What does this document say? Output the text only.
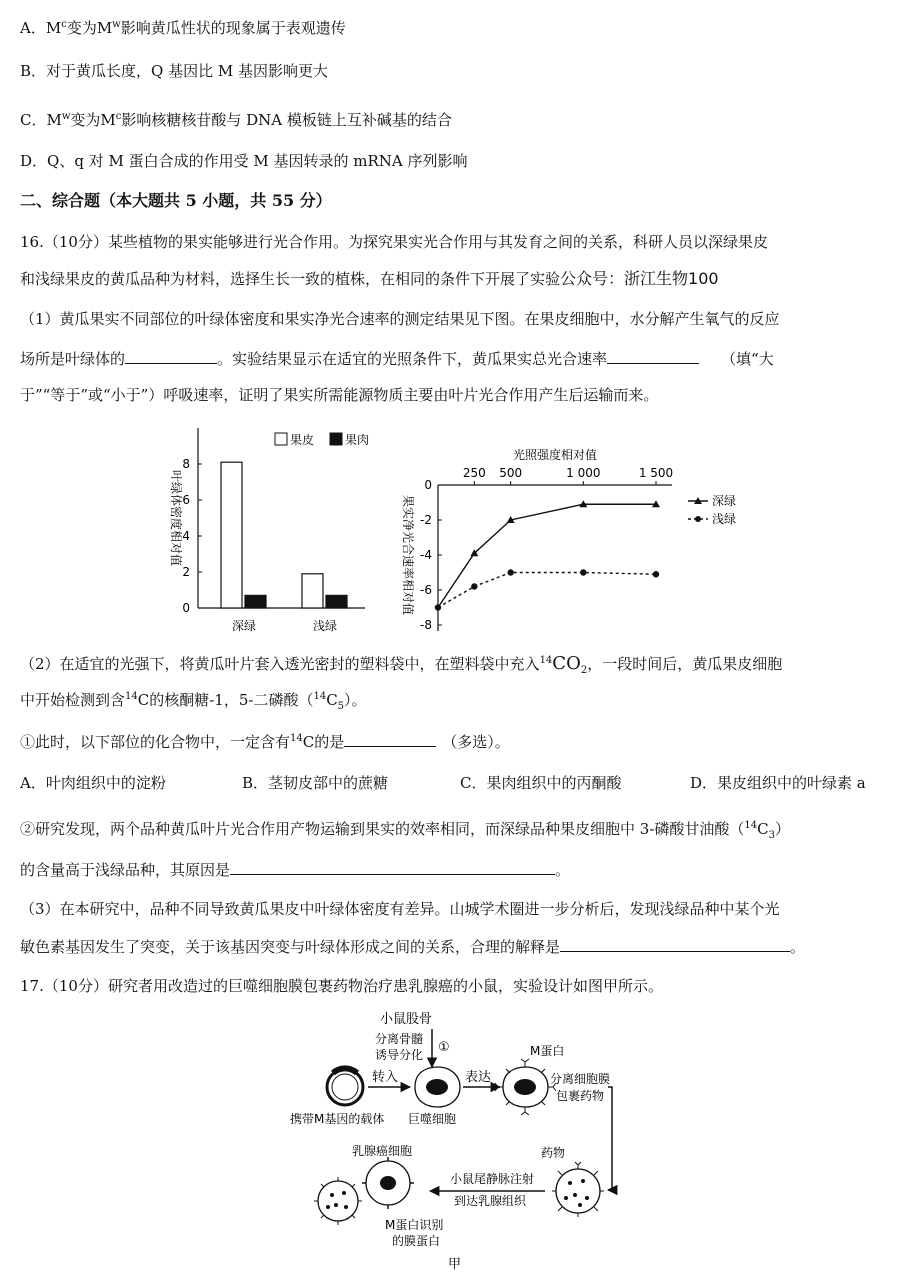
A．$M^c$变为$M^w$影响黄瓜性状的现象属于表观遗传
B．对于黄瓜长度，Q 基因比 M 基因影响更大
C．$M^w$变为$M^c$影响核糖核苷酸与 DNA 模板链上互补碱基的结合
D．Q、q 对 M 蛋白合成的作用受 M 基因转录的 mRNA 序列影响
二、综合题（本大题共 5 小题，共 55 分）
16.（10分）某些植物的果实能够进行光合作用。为探究果实光合作用与其发育之间的关系，科研人员以深绿果皮
和浅绿果皮的黄瓜品种为材料，选择生长一致的植株，在相同的条件下开展了实验公众号：浙江生物100
（1）黄瓜果实不同部位的叶绿体密度和果实净光合速率的测定结果见下图。在果皮细胞中，水分解产生氧气的反应
场所是叶绿体的	。实验结果显示在适宜的光照条件下，黄瓜果实总光合速率	（填“大
于”“等于”或“小于”）呼吸速率，证明了果实所需能源物质主要由叶片光合作用产生后运输而来。
0
2
4
6
8
叶绿体密度相对值
深绿	浅绿
果皮	果肉
光照强度相对值
250 500	1 000	1 500
0
-2
-4
-6
-8
果实净光合速率相对值	深绿
浅绿
（2）在适宜的光强下，将黄瓜叶片套入透光密封的塑料袋中，在塑料袋中充入$^{14}CO_2$，一段时间后，黄瓜果皮细胞
中开始检测到含$^{14}$C的核酮糖-1，5-二磷酸$(^{14}C_5)$。
①此时，以下部位的化合物中，一定含有$^{14}$C的是	（多选）。
A．叶肉组织中的淀粉	B．茎韧皮部中的蔗糖	C．果肉组织中的丙酮酸	D．果皮组织中的叶绿素 a
②研究发现，两个品种黄瓜叶片光合作用产物运输到果实的效率相同，而深绿品种果皮细胞中 3-磷酸甘油酸$(^{14}C_3)$
的含量高于浅绿品种，其原因是	。
（3）在本研究中，品种不同导致黄瓜果皮中叶绿体密度有差异。山城学术圈进一步分析后，发现浅绿品种中某个光
敏色素基因发生了突变，关于该基因突变与叶绿体形成之间的关系，合理的解释是	。
17.（10分）研究者用改造过的巨噬细胞膜包裹药物治疗患乳腺癌的小鼠，实验设计如图甲所示。
小鼠股骨
分离骨髓
诱导分化 ①
转入	表达
M蛋白
分离细胞膜
包裹药物
携带M基因的载体 巨噬细胞
药物
小鼠尾静脉注射
到达乳腺组织
乳腺癌细胞
M蛋白识别
的膜蛋白
甲
